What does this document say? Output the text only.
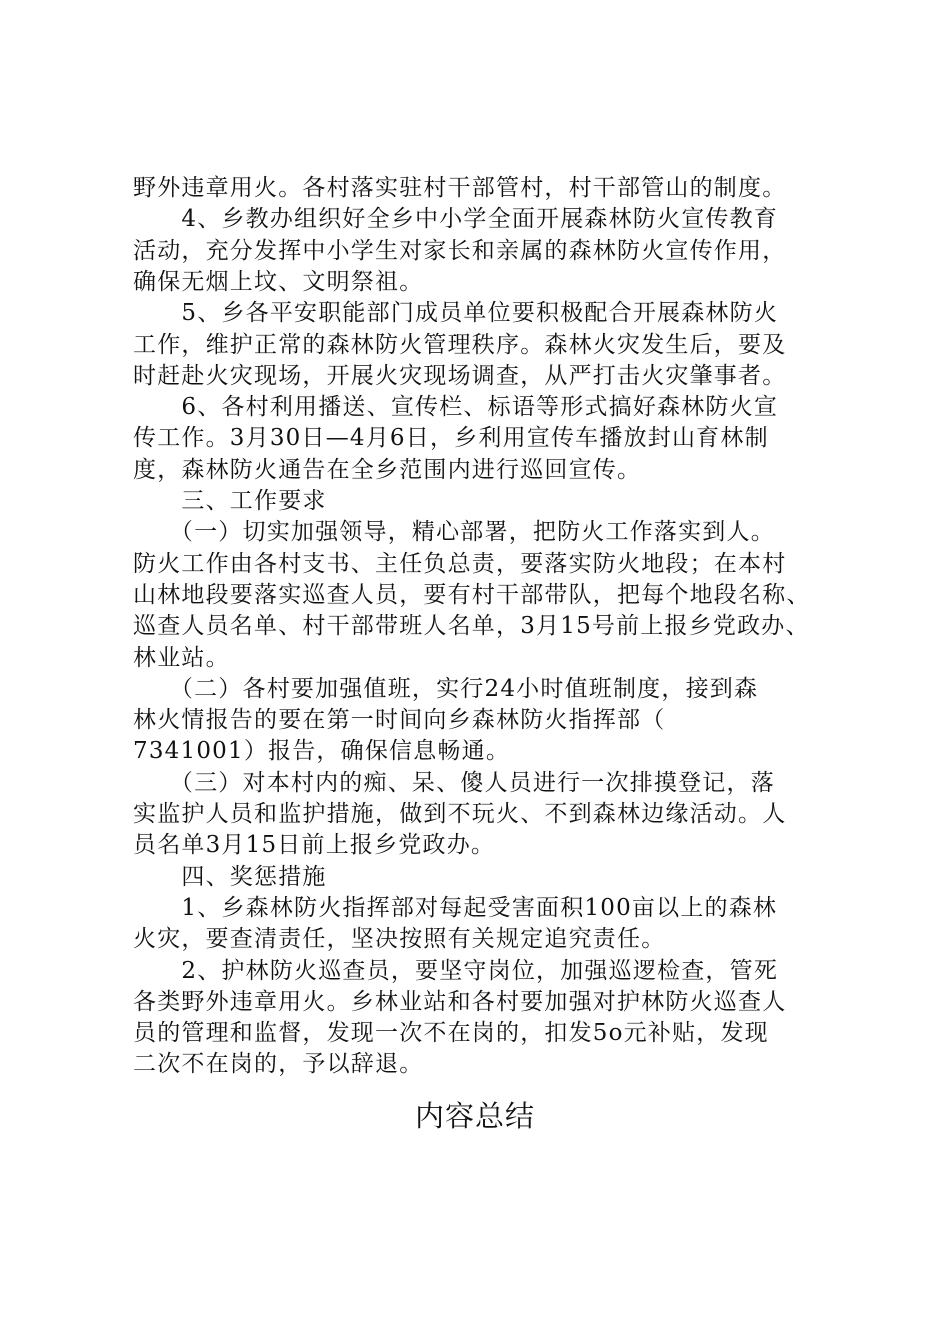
野外违章用火。各村落实驻村干部管村，村干部管山的制度。
　　4、乡教办组织好全乡中小学全面开展森林防火宣传教育
活动，充分发挥中小学生对家长和亲属的森林防火宣传作用，
确保无烟上坟、文明祭祖。
　　5、乡各平安职能部门成员单位要积极配合开展森林防火
工作，维护正常的森林防火管理秩序。森林火灾发生后，要及
时赶赴火灾现场，开展火灾现场调查，从严打击火灾肇事者。
　　6、各村利用播送、宣传栏、标语等形式搞好森林防火宣
传工作。3月30日—4月6日，乡利用宣传车播放封山育林制
度，森林防火通告在全乡范围内进行巡回宣传。
　　三、工作要求
　　（一）切实加强领导，精心部署，把防火工作落实到人。
防火工作由各村支书、主任负总责，要落实防火地段；在本村
山林地段要落实巡查人员，要有村干部带队，把每个地段名称、
巡查人员名单、村干部带班人名单，3月15号前上报乡党政办、
林业站。
　　（二）各村要加强值班，实行24小时值班制度，接到森
林火情报告的要在第一时间向乡森林防火指挥部（
7341001）报告，确保信息畅通。
　　（三）对本村内的痴、呆、傻人员进行一次排摸登记，落
实监护人员和监护措施，做到不玩火、不到森林边缘活动。人
员名单3月15日前上报乡党政办。
　　四、奖惩措施
　　1、乡森林防火指挥部对每起受害面积100亩以上的森林
火灾，要查清责任，坚决按照有关规定追究责任。
　　2、护林防火巡查员，要坚守岗位，加强巡逻检查，管死
各类野外违章用火。乡林业站和各村要加强对护林防火巡查人
员的管理和监督，发现一次不在岗的，扣发5o元补贴，发现
二次不在岗的，予以辞退。
内容总结
